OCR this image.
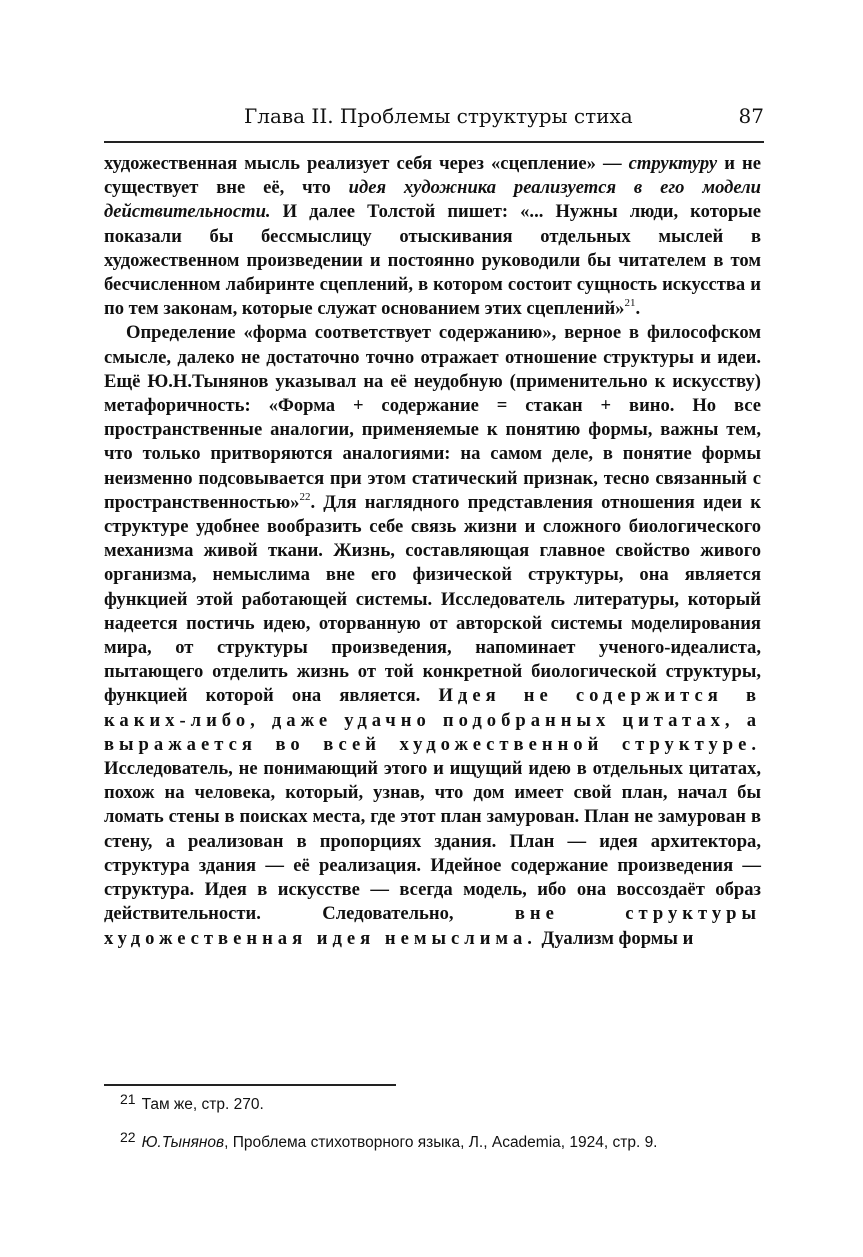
Глава II. Проблемы структуры стиха	87

художественная мысль реализует себя через «сцепление» — структуру и не существует вне её, что идея художника реализуется в его модели действительности. И далее Толстой пишет: «... Нужны люди, которые показали бы бессмыслицу отыскивания отдельных мыслей в художественном произведении и постоянно руководили бы читателем в том бесчисленном лабиринте сцеплений, в котором состоит сущность искусства и по тем законам, которые служат основанием этих сцеплений»$^{21}$.

Определение «форма соответствует содержанию», верное в философском смысле, далеко не достаточно точно отражает отношение структуры и идеи. Ещё Ю.Н.Тынянов указывал на её неудобную (применительно к искусству) метафоричность: «Форма + содержание = стакан + вино. Но все пространственные аналогии, применяемые к понятию формы, важны тем, что только притворяются аналогиями: на самом деле, в понятие формы неизменно подсовывается при этом статический признак, тесно связанный с пространственностью»$^{22}$. Для наглядного представления отношения идеи к структуре удобнее вообразить себе связь жизни и сложного биологического механизма живой ткани. Жизнь, составляющая главное свойство живого организма, немыслима вне его физической структуры, она является функцией этой работающей системы. Исследователь литературы, который надеется постичь идею, оторванную от авторской системы моделирования мира, от структуры произведения, напоминает ученого-идеалиста, пытающего отделить жизнь от той конкретной биологической структуры, функцией которой она является. Идея не содержится в каких-либо, даже удачно подобранных цитатах, а выражается во всей художественной структуре. Исследователь, не понимающий этого и ищущий идею в отдельных цитатах, похож на человека, который, узнав, что дом имеет свой план, начал бы ломать стены в поисках места, где этот план замурован. План не замурован в стену, а реализован в пропорциях здания. План — идея архитектора, структура здания — её реализация. Идейное содержание произведения — структура. Идея в искусстве — всегда модель, ибо она воссоздаёт образ действительности. Следовательно, вне структуры художественная идея немыслима. Дуализм формы и

21 Там же, стр. 270.
22 Ю.Тынянов, Проблема стихотворного языка, Л., Academia, 1924, стр. 9.
